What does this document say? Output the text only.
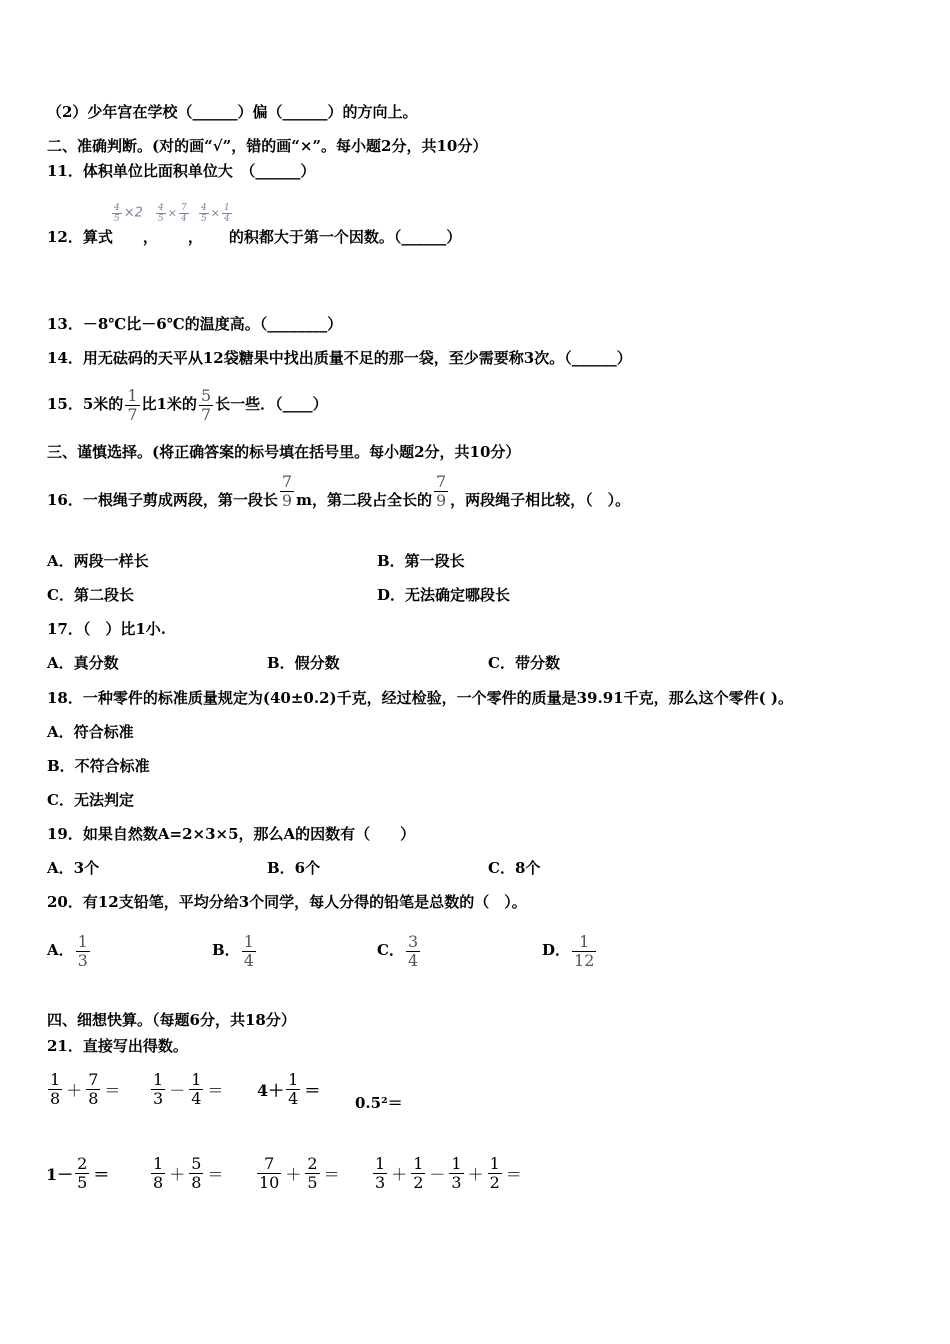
（2）少年宫在学校（______）偏（______）的方向上。
二、准确判断。(对的画“√”，错的画“×”。每小题2分，共10分）
11．体积单位比面积单位大　（______）
12．算式 ， ， 的积都大于第一个因数。（______）
$\frac{4}{5} \times 2 \frac{4}{5} \times \frac{7}{4} \frac{4}{5} \times \frac{1}{4}$
13．－8℃比－6℃的温度高。（________）
14．用无砝码的天平从12袋糖果中找出质量不足的那一袋，至少需要称3次。（______）
15．5米的 $\frac{1}{7}$ 比1米的 $\frac{5}{7}$ 长一些．（____）
三、谨慎选择。(将正确答案的标号填在括号里。每小题2分，共10分）
16．一根绳子剪成两段，第一段长 $\frac{7}{9}$ m，第二段占全长的 $\frac{7}{9}$ ，两段绳子相比较，（　）。
A．两段一样长	B．第一段长
C．第二段长	D．无法确定哪段长
17．（　）比1小.
A．真分数	B．假分数	C．带分数
18．一种零件的标准质量规定为(40±0.2)千克，经过检验，一个零件的质量是39.91千克，那么这个零件( )。
A．符合标准
B．不符合标准
C．无法判定
19．如果自然数A=2×3×5，那么A的因数有（　　）
A．3个	B．6个	C．8个
20．有12支铅笔，平均分给3个同学，每人分得的铅笔是总数的（　）。
A． $\frac{1}{3}$	B． $\frac{1}{4}$	C． $\frac{3}{4}$	D． $\frac{1}{12}$
四、细想快算。（每题6分，共18分）
21．直接写出得数。
$\frac{1}{8} + \frac{7}{8} = \frac{1}{3} - \frac{1}{4} = 4+ \frac{1}{4}$ ＝
0.5²＝
$1- \frac{2}{5}$ ＝	$\frac{1}{8} + \frac{5}{8} = \frac{7}{10} + \frac{2}{5} = \frac{1}{3} + \frac{1}{2} - \frac{1}{3} + \frac{1}{2}$ ＝
